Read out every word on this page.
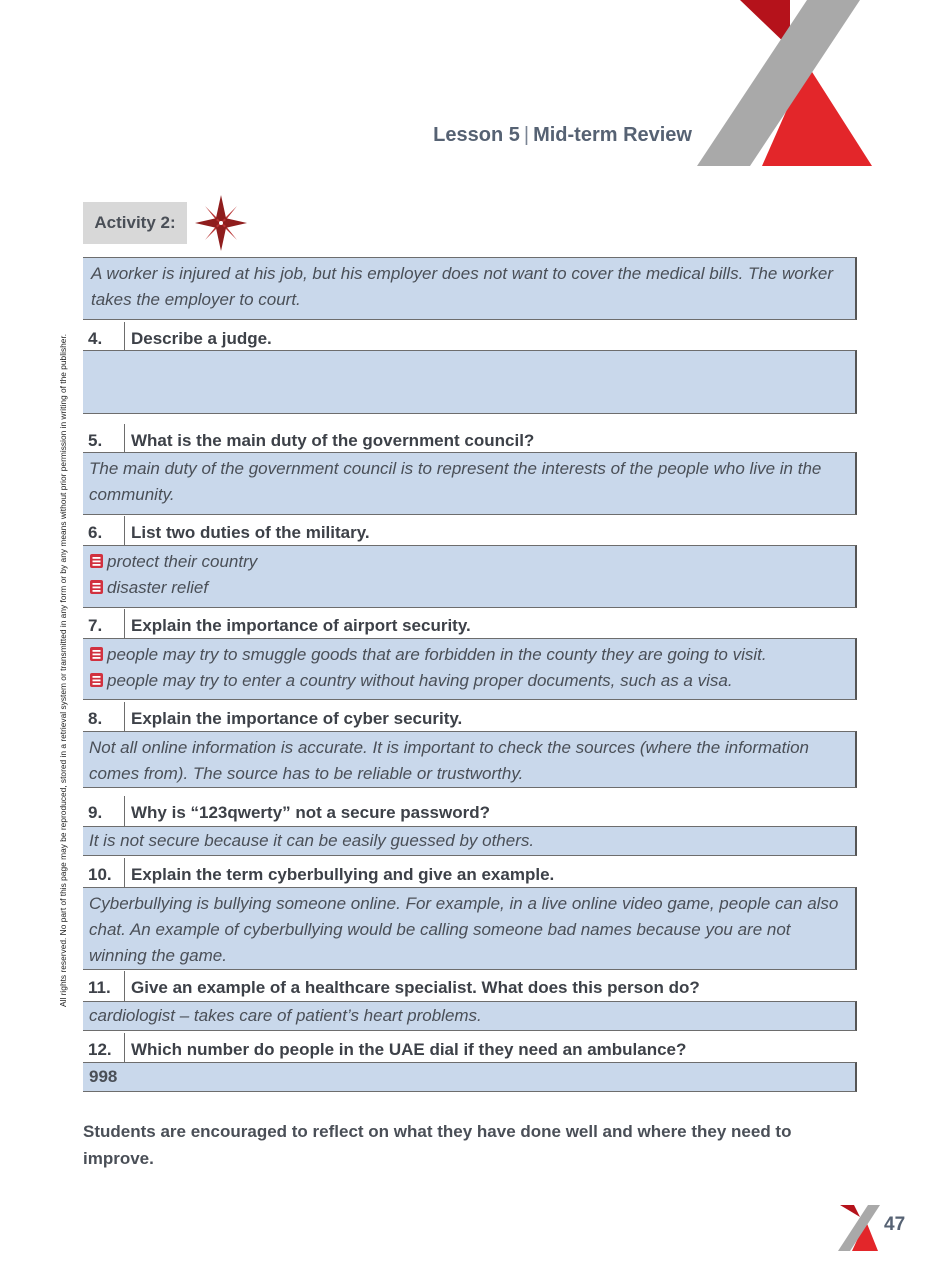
Lesson 5 | Mid-term Review
Activity 2:
All rights reserved. No part of this page may be reproduced, stored in a retrieval system or transmitted in any form or by any means without prior permission in writing of the publisher.
A worker is injured at his job, but his employer does not want to cover the medical bills. The worker takes the employer to court.
4.	Describe a judge.
5.	What is the main duty of the government council?
The main duty of the government council is to represent the interests of the people who live in the community.
6.	List two duties of the military.
protect their country
disaster relief
7.	Explain the importance of airport security.
people may try to smuggle goods that are forbidden in the county they are going to visit.
people may try to enter a country without having proper documents, such as a visa.
8.	Explain the importance of cyber security.
Not all online information is accurate. It is important to check the sources (where the information comes from). The source has to be reliable or trustworthy.
9.	Why is “123qwerty” not a secure password?
It is not secure because it can be easily guessed by others.
10.	Explain the term cyberbullying and give an example.
Cyberbullying is bullying someone online. For example, in a live online video game, people can also chat. An example of cyberbullying would be calling someone bad names because you are not winning the game.
11.	Give an example of a healthcare specialist. What does this person do?
cardiologist – takes care of patient’s heart problems.
12.	Which number do people in the UAE dial if they need an ambulance?
998
Students are encouraged to reflect on what they have done well and where they need to improve.
47
